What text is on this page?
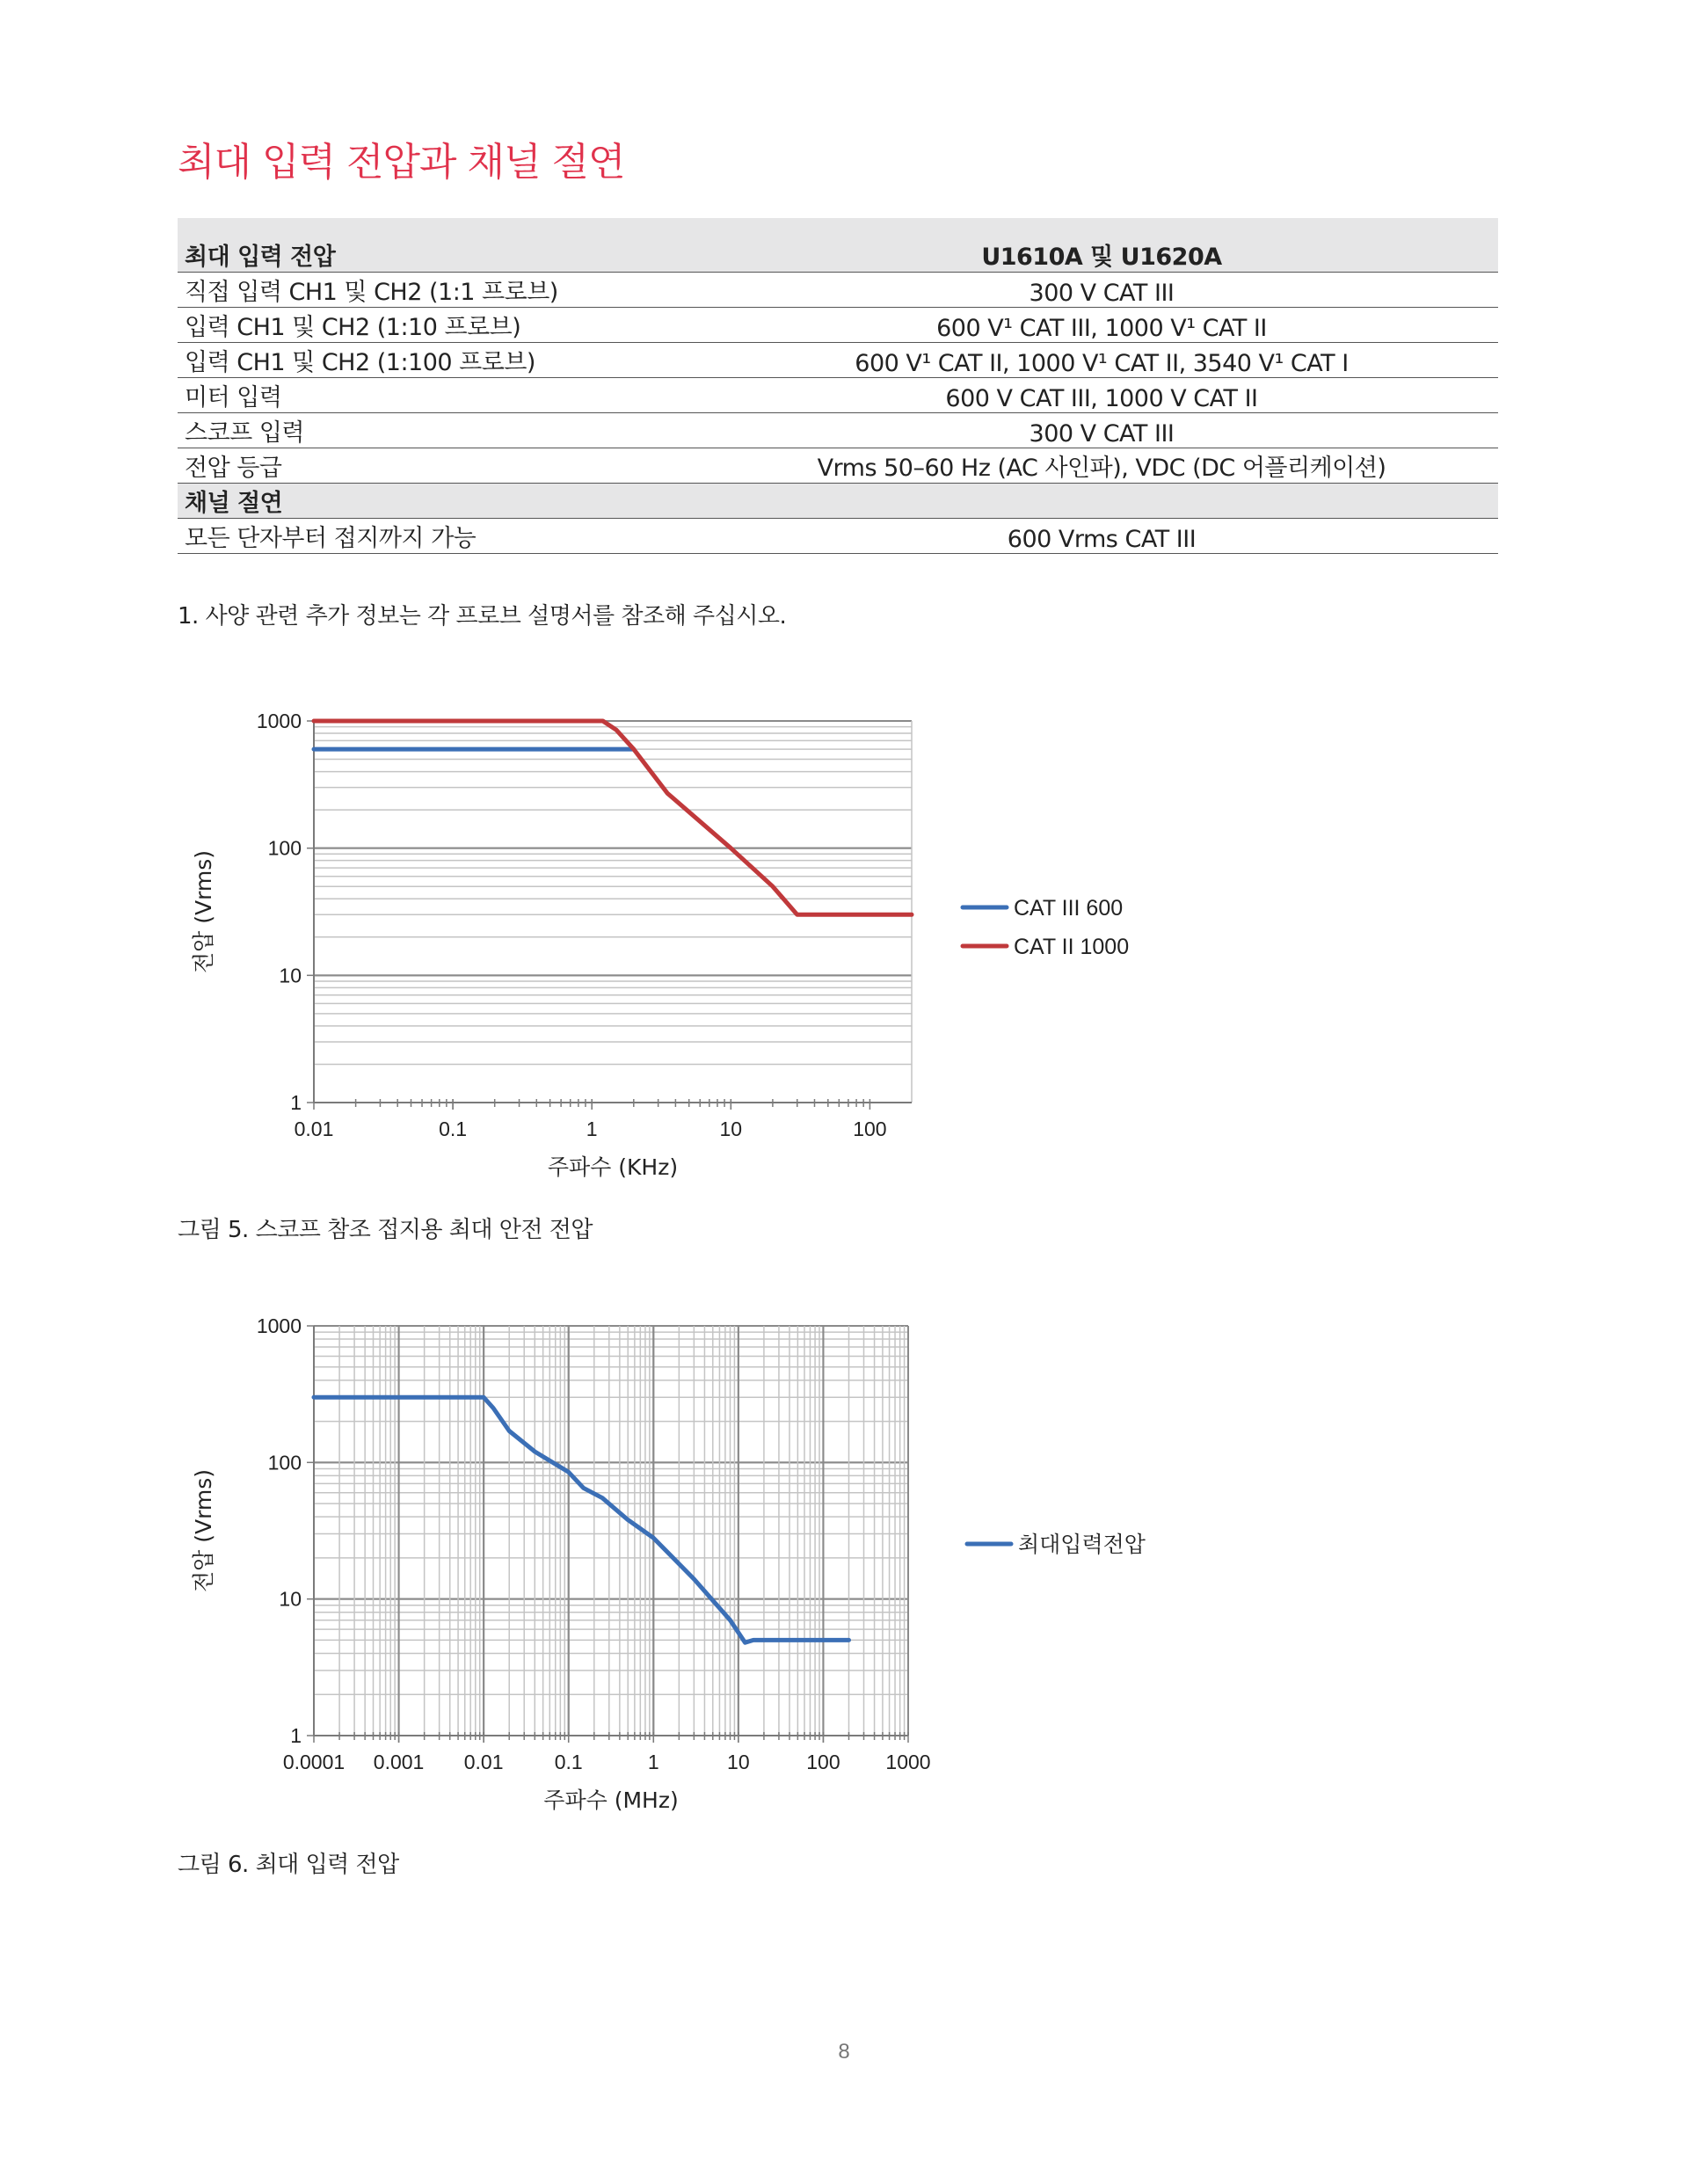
최대 입력 전압과 채널 절연
최대 입력 전압	U1610A 및 U1620A
직접 입력 CH1 및 CH2 (1:1 프로브)	300 V CAT III
입력 CH1 및 CH2 (1:10 프로브)	600 V¹ CAT III, 1000 V¹ CAT II
입력 CH1 및 CH2 (1:100 프로브)	600 V¹ CAT II, 1000 V¹ CAT II, 3540 V¹ CAT I
미터 입력	600 V CAT III, 1000 V CAT II
스코프 입력	300 V CAT III
전압 등급	Vrms 50–60 Hz (AC 사인파), VDC (DC 어플리케이션)
채널 절연	
모든 단자부터 접지까지 가능	600 Vrms CAT III
1. 사양 관련 추가 정보는 각 프로브 설명서를 참조해 주십시오.
1
10
100
1000
0.01	0.1	1	10	100
주파수 (KHz)
전압 (Vrms)	CAT III 600
CAT II 1000
그림 5. 스코프 참조 접지용 최대 안전 전압
1
10
100
1000
0.0001 0.001 0.01	0.1	1	10	100 1000
주파수 (MHz)
전압 (Vrms)	최대입력전압
그림 6. 최대 입력 전압
8
